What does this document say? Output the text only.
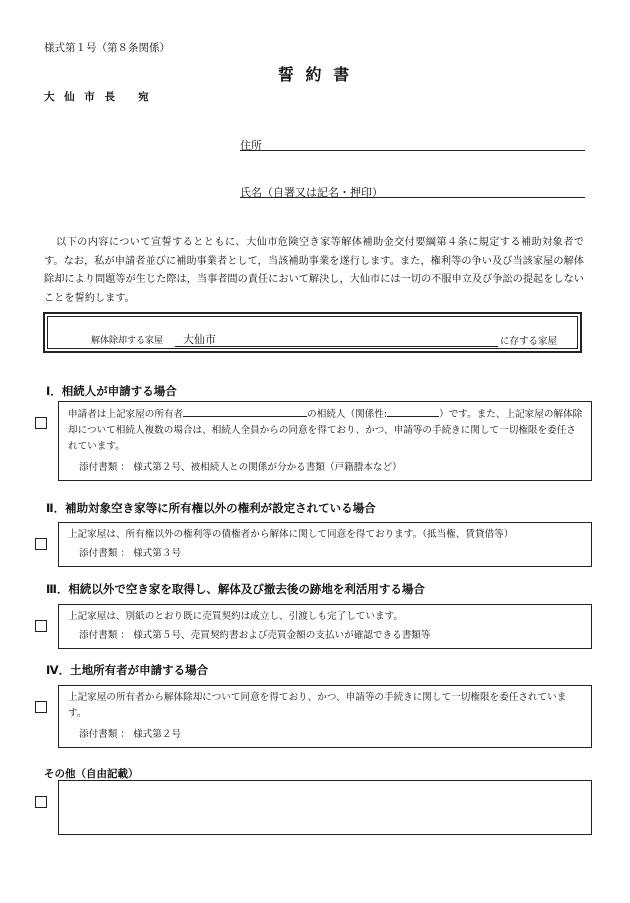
様式第１号（第８条関係）
誓 約 書
大 仙 市 長　 宛
住所
氏名（自署又は記名・押印）
以下の内容について宣誓するとともに、大仙市危険空き家等解体補助金交付要綱第４条に規定する補助対象者です。なお，私が申請者並びに補助事業者として，当該補助事業を遂行します。また，権利等の争い及び当該家屋の解体除却により問題等が生じた際は，当事者間の責任において解決し，大仙市には一切の不服申立及び争訟の提起をしないことを誓約します。
解体除却する家屋 大仙市	に存する家屋
Ⅰ．相続人が申請する場合
申請者は上記家屋の所有者	の相続人（関係性:	）です。また、上記家屋の解体除却について相続人複数の場合は、相続人全員からの同意を得ており、かつ、申請等の手続きに関して一切権限を委任されています。
添付書類 ： 様式第２号、被相続人との関係が分かる書類（戸籍謄本など）
Ⅱ．補助対象空き家等に所有権以外の権利が設定されている場合
上記家屋は、所有権以外の権利等の債権者から解体に関して同意を得ております。（抵当権、賃貸借等）
添付書類 ： 様式第３号
Ⅲ．相続以外で空き家を取得し、解体及び撤去後の跡地を利活用する場合
上記家屋は、別紙のとおり既に売買契約は成立し、引渡しも完了しています。
添付書類 ： 様式第５号、売買契約書および売買金額の支払いが確認できる書類等
Ⅳ．土地所有者が申請する場合
上記家屋の所有者から解体除却について同意を得ており、かつ、申請等の手続きに関して一切権限を委任されています。
添付書類 ： 様式第２号
その他（自由記載）
